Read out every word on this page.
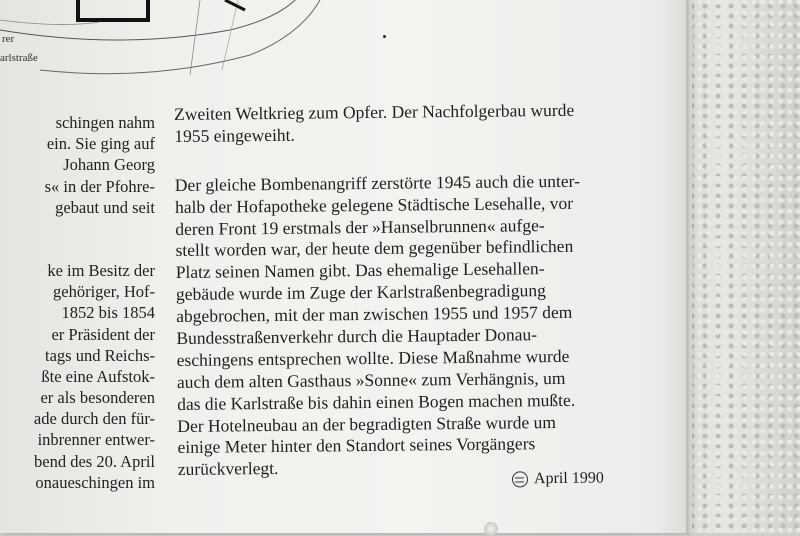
rer
arlstraße
schingen nahm
ein. Sie ging auf
Johann Georg
s« in der Pfohre-
gebaut und seit
ke im Besitz der
gehöriger, Hof-
1852 bis 1854
er Präsident der
tags und Reichs-
ßte eine Aufstok-
er als besonderen
ade durch den für-
inbrenner entwer-
bend des 20. April
onaueschingen im
Zweiten Weltkrieg zum Opfer. Der Nachfolgerbau wurde
1955 eingeweiht.
Der gleiche Bombenangriff zerstörte 1945 auch die unter-
halb der Hofapotheke gelegene Städtische Lesehalle, vor
deren Front 19 erstmals der »Hanselbrunnen« aufge-
stellt worden war, der heute dem gegenüber befindlichen
Platz seinen Namen gibt. Das ehemalige Lesehallen-
gebäude wurde im Zuge der Karlstraßenbegradigung
abgebrochen, mit der man zwischen 1955 und 1957 dem
Bundesstraßenverkehr durch die Hauptader Donau-
eschingens entsprechen wollte. Diese Maßnahme wurde
auch dem alten Gasthaus »Sonne« zum Verhängnis, um
das die Karlstraße bis dahin einen Bogen machen mußte.
Der Hotelneubau an der begradigten Straße wurde um
einige Meter hinter den Standort seines Vorgängers
zurückverlegt.	April 1990
